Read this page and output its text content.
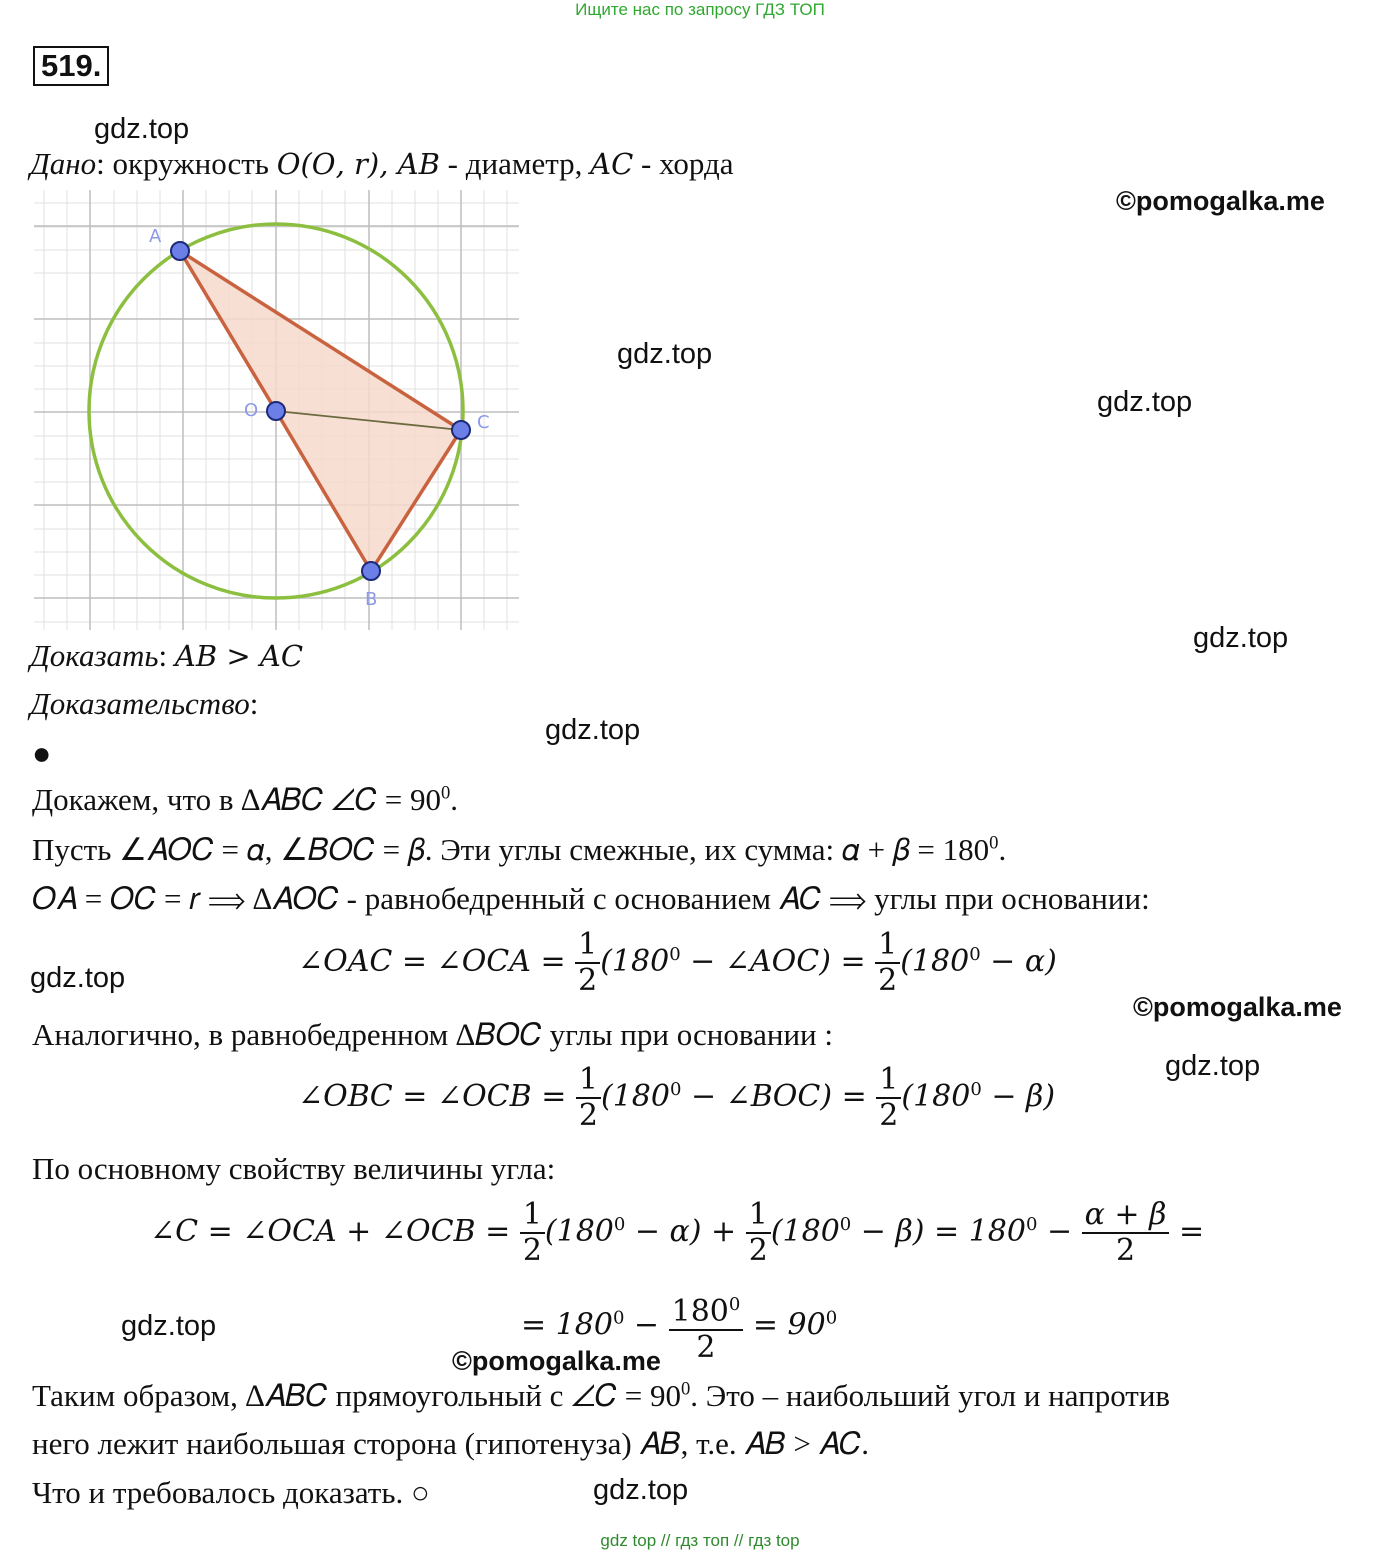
Ищите нас по запросу ГДЗ ТОП
519.
gdz.top
Дано: окружность 𝑂(𝑂, 𝑟), 𝐴𝐵 - диаметр, 𝐴𝐶 - хорда
©pomogalka.me
A
O
C
B
gdz.top
gdz.top
Доказать: 𝐴𝐵 > 𝐴𝐶
gdz.top
Доказательство:
gdz.top
●
Докажем, что в ∆𝐴𝐵𝐶 ∠𝐶 = $90^0$.
Пусть ∠𝐴𝑂𝐶 = 𝛼, ∠𝐵𝑂𝐶 = 𝛽. Эти углы смежные, их сумма: 𝛼 + 𝛽 = $180^0$.
𝑂𝐴 = 𝑂𝐶 = 𝑟 ⟹ ∆𝐴𝑂𝐶 - равнобедренный с основанием 𝐴𝐶 ⟹ углы при основании:
gdz.top	∠𝑂𝐴𝐶 = ∠𝑂𝐶𝐴 = $\frac{1}{2} (180^0$ − ∠𝐴𝑂𝐶) = $\frac{1}{2} (180^0$ − 𝛼)
©pomogalka.me
Аналогично, в равнобедренном ∆𝐵𝑂𝐶 углы при основании :
gdz.top
∠𝑂𝐵𝐶 = ∠𝑂𝐶𝐵 = $\frac{1}{2} (180^0$ − ∠𝐵𝑂𝐶) = $\frac{1}{2} (180^0$ − 𝛽)
По основному свойству величины угла:
∠𝐶 = ∠𝑂𝐶𝐴 + ∠𝑂𝐶𝐵 = $\frac{1}{2} (180^0$ − 𝛼) + $\frac{1}{2} (180^0$ − 𝛽) = $180^0 - \frac{\text{𝛼 + 𝛽}}{2}$ =
gdz.top	= $180^0 - \frac{180^0}{2} = 90^0$
©pomogalka.me
Таким образом, ∆𝐴𝐵𝐶 прямоугольный с ∠𝐶 = $90^0$. Это – наибольший угол и напротив
него лежит наибольшая сторона (гипотенуза) 𝐴𝐵, т.е. 𝐴𝐵 > 𝐴𝐶.
Что и требовалось доказать. ○	gdz.top
gdz top // гдз топ // гдз top
